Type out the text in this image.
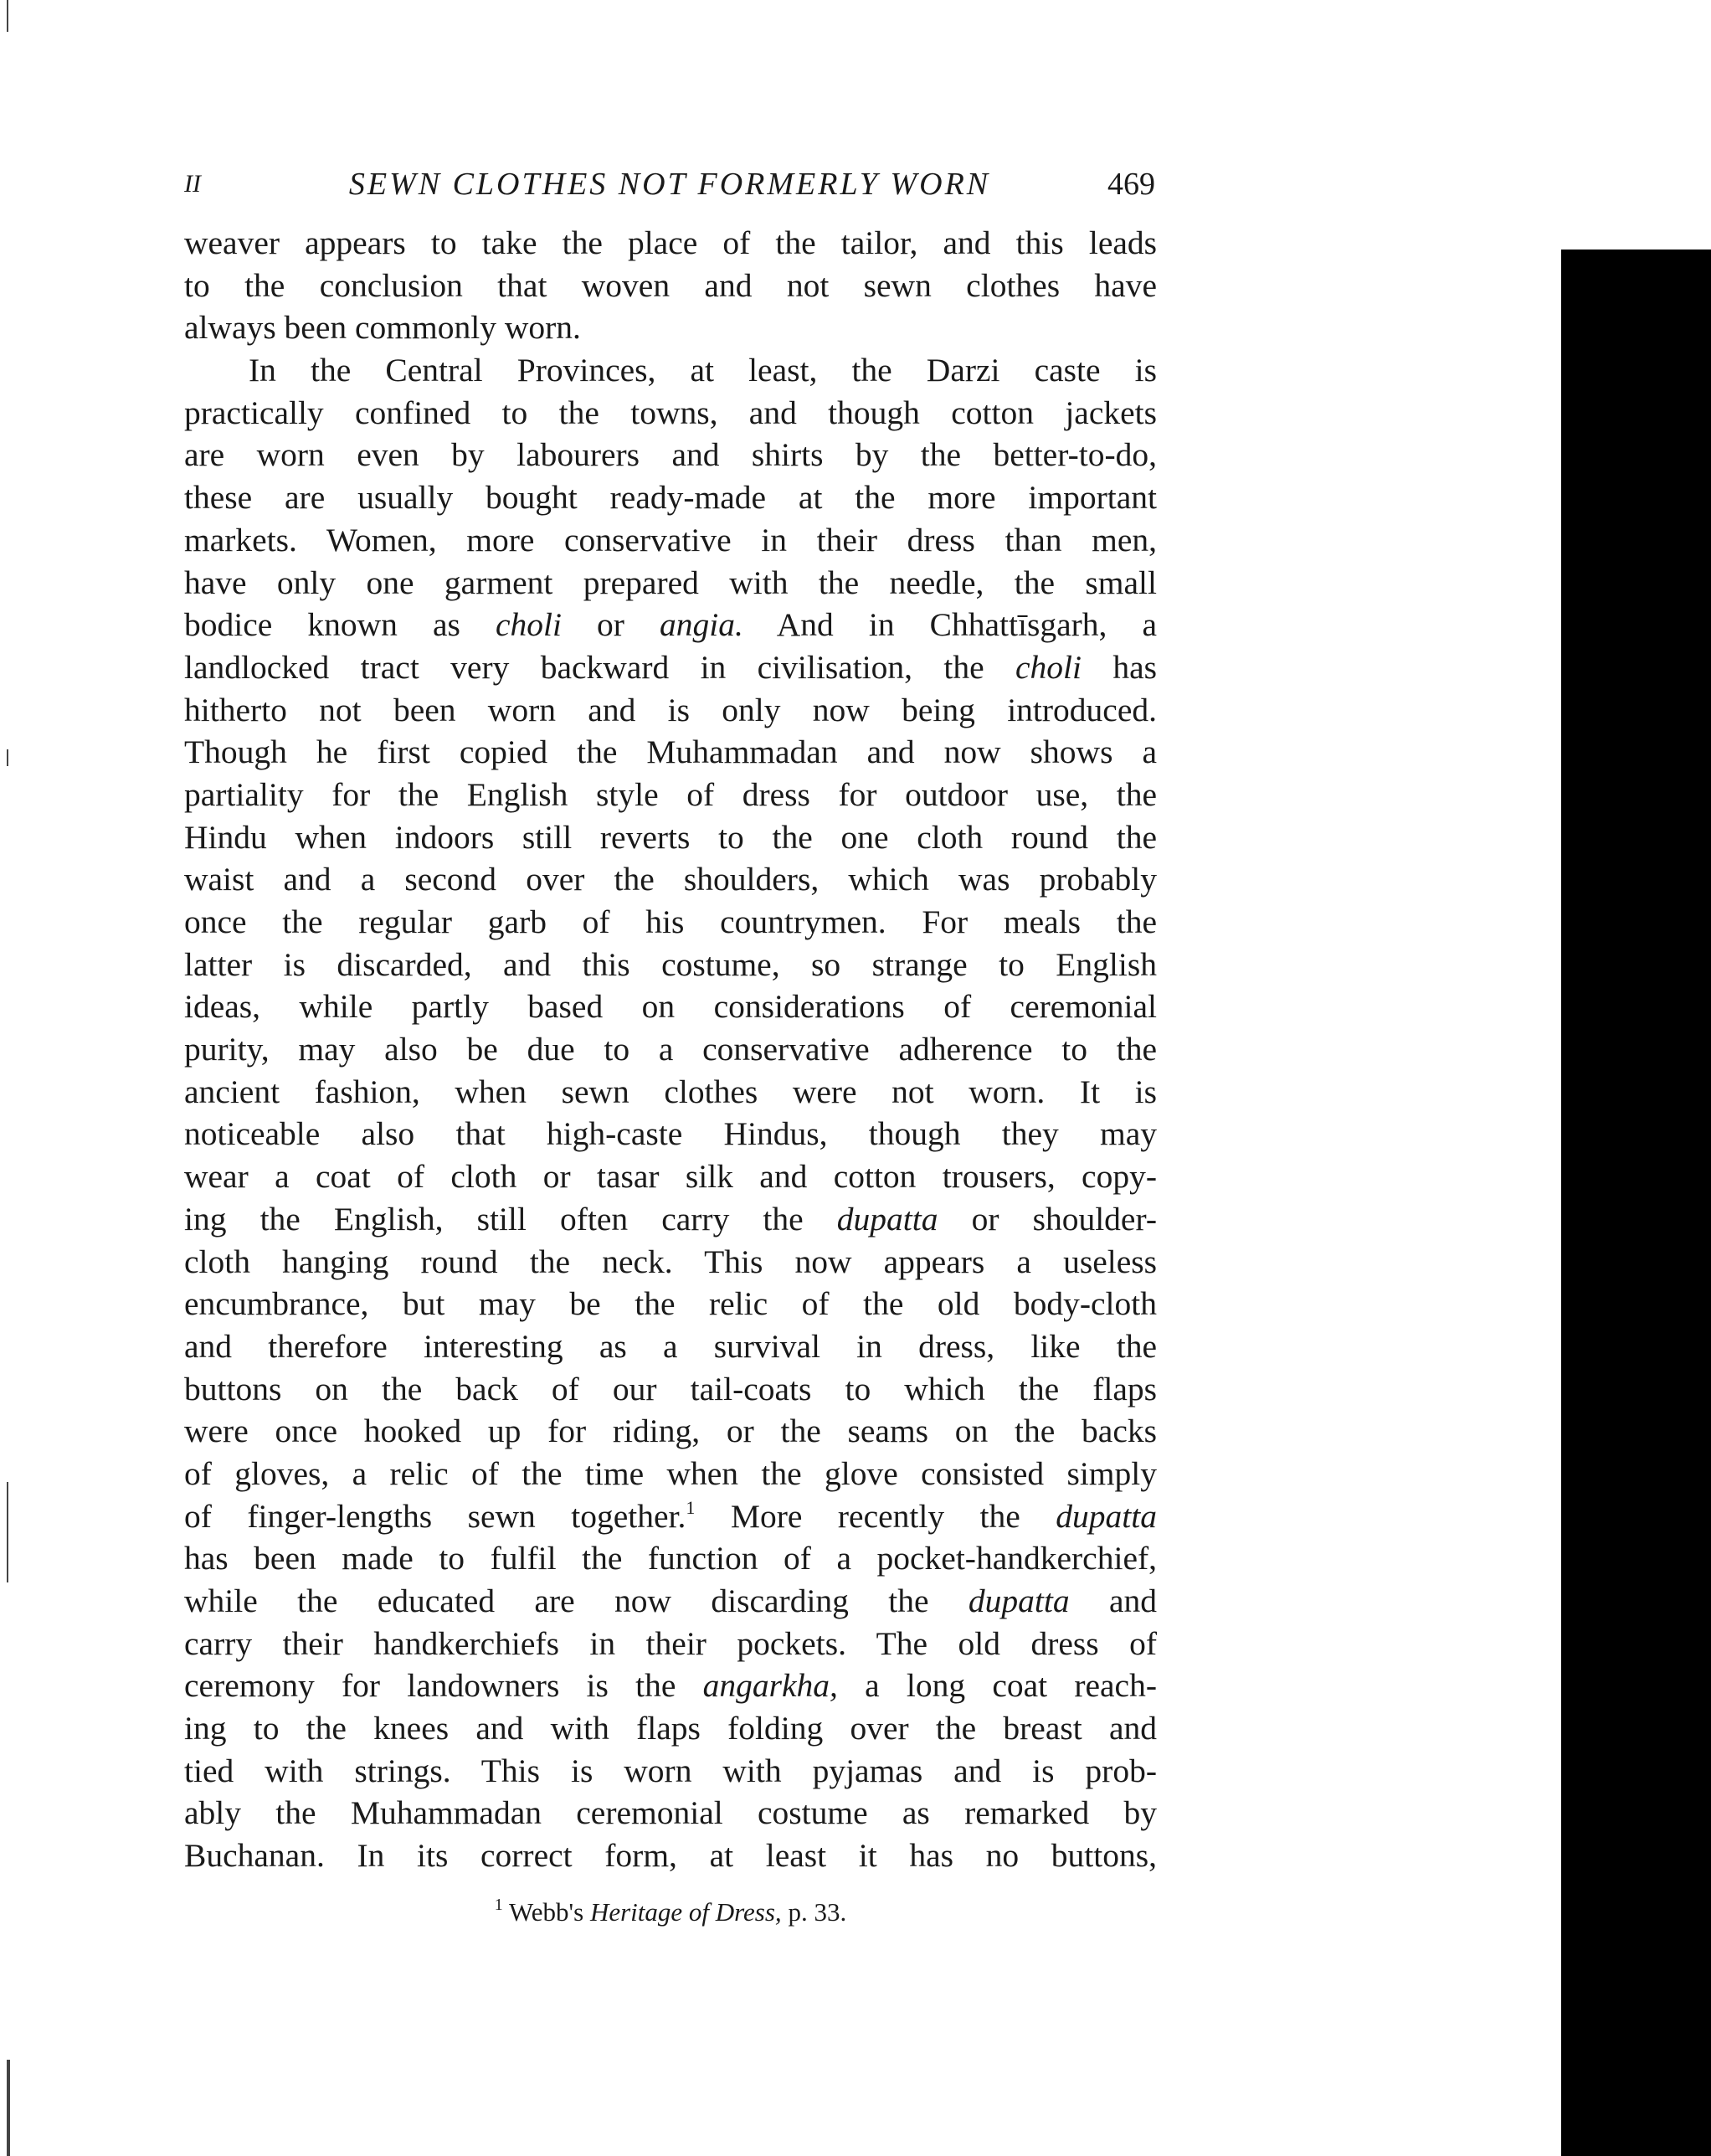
II	SEWN CLOTHES NOT FORMERLY WORN	469
weaver appears to take the place of the tailor, and this leads
to the conclusion that woven and not sewn clothes have
always been commonly worn.
In the Central Provinces, at least, the Darzi caste is
practically confined to the towns, and though cotton jackets
are worn even by labourers and shirts by the better-to-do,
these are usually bought ready-made at the more important
markets. Women, more conservative in their dress than men,
have only one garment prepared with the needle, the small
bodice known as choli or angia. And in Chhattīsgarh, a
landlocked tract very backward in civilisation, the choli has
hitherto not been worn and is only now being introduced.
Though he first copied the Muhammadan and now shows a
partiality for the English style of dress for outdoor use, the
Hindu when indoors still reverts to the one cloth round the
waist and a second over the shoulders, which was probably
once the regular garb of his countrymen. For meals the
latter is discarded, and this costume, so strange to English
ideas, while partly based on considerations of ceremonial
purity, may also be due to a conservative adherence to the
ancient fashion, when sewn clothes were not worn. It is
noticeable also that high-caste Hindus, though they may
wear a coat of cloth or tasar silk and cotton trousers, copy-
ing the English, still often carry the dupatta or shoulder-
cloth hanging round the neck. This now appears a useless
encumbrance, but may be the relic of the old body-cloth
and therefore interesting as a survival in dress, like the
buttons on the back of our tail-coats to which the flaps
were once hooked up for riding, or the seams on the backs
of gloves, a relic of the time when the glove consisted simply
of finger-lengths sewn together.$^1$ More recently the dupatta
has been made to fulfil the function of a pocket-handkerchief,
while the educated are now discarding the dupatta and
carry their handkerchiefs in their pockets. The old dress of
ceremony for landowners is the angarkha, a long coat reach-
ing to the knees and with flaps folding over the breast and
tied with strings. This is worn with pyjamas and is prob-
ably the Muhammadan ceremonial costume as remarked by
Buchanan. In its correct form, at least it has no buttons,
$^1$ Webb's Heritage of Dress, p. 33.
